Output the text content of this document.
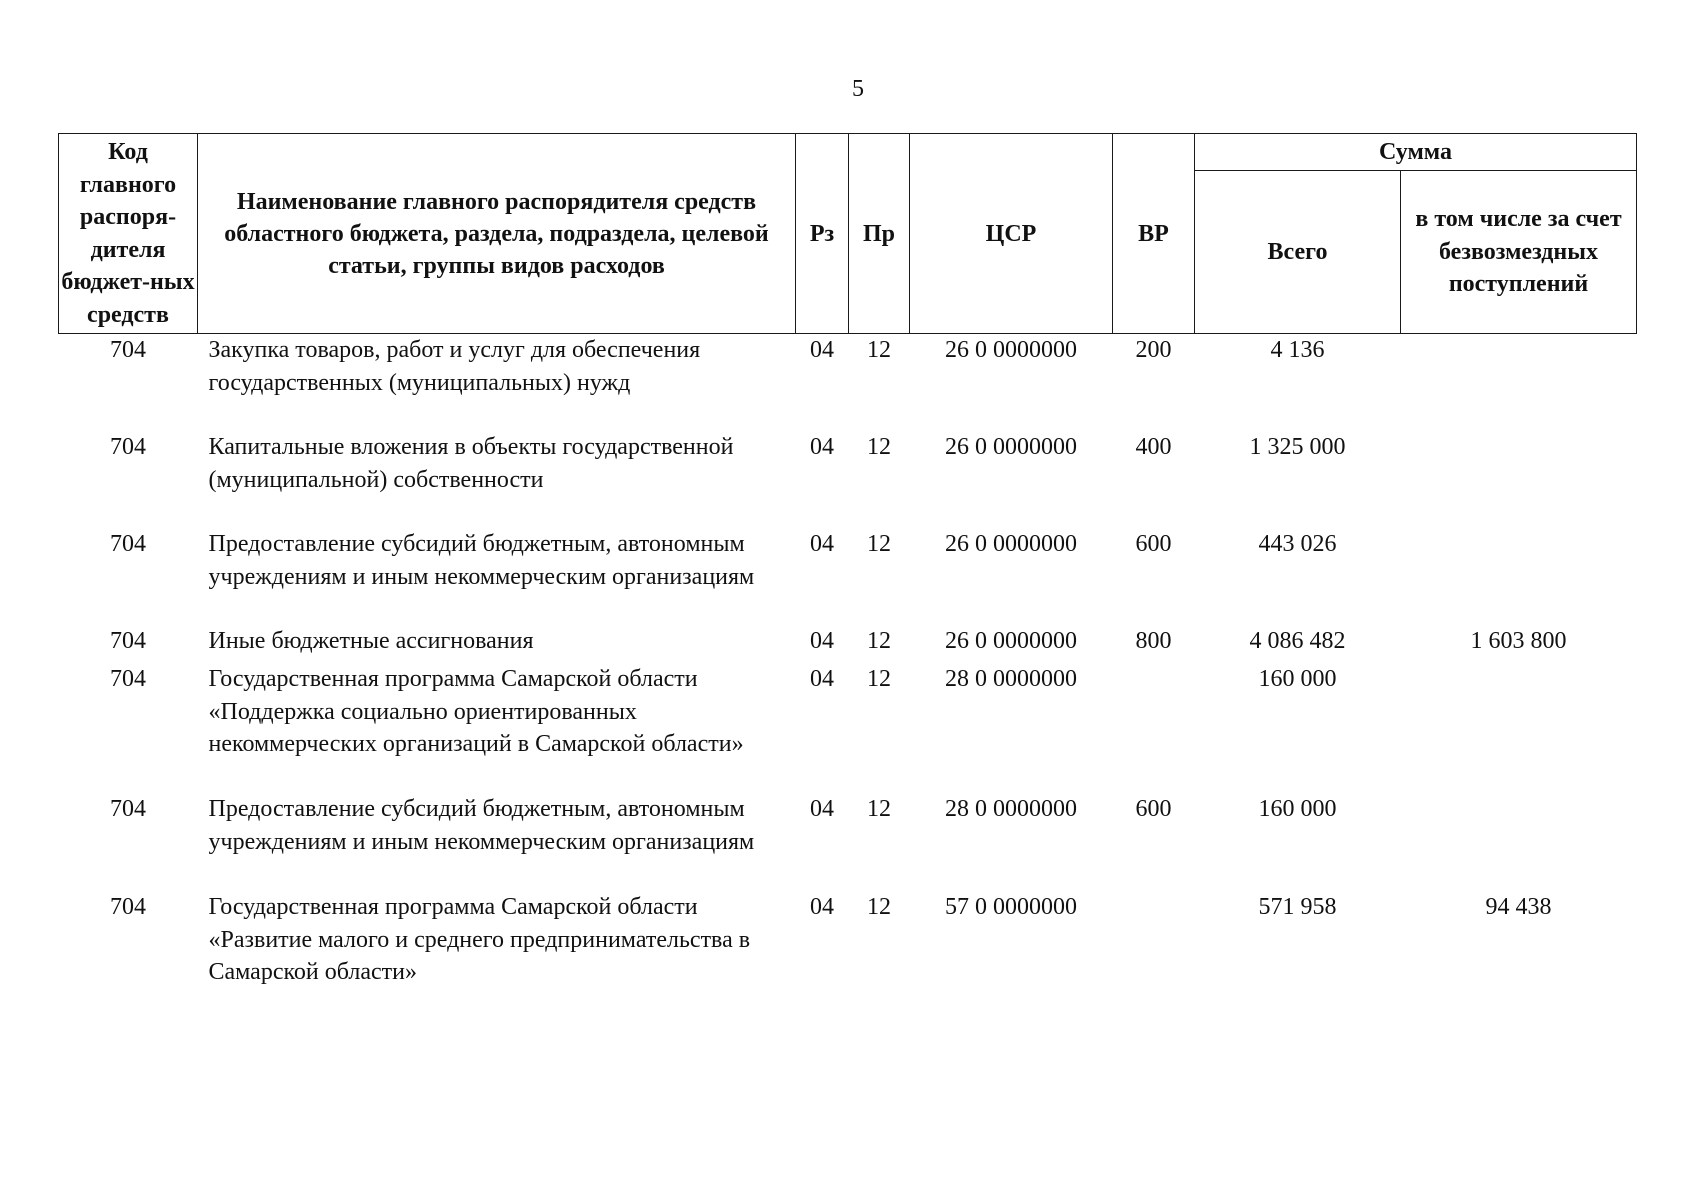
5
Код главного распоря-дителя бюджет-ных средств	Наименование главного распорядителя средств областного бюджета, раздела, подраздела, целевой статьи, группы видов расходов	Рз	Пр	ЦСР	ВР	Сумма	
						Всего	в том числе за счет безвозмездных поступлений
704	Закупка товаров, работ и услуг для обеспечения государственных (муниципальных) нужд	04	12	26 0 0000000	200	4 136	
704	Капитальные вложения в объекты государственной (муниципальной) собственности	04	12	26 0 0000000	400	1 325 000	
704	Предоставление субсидий бюджетным, автономным учреждениям и иным некоммерческим организациям	04	12	26 0 0000000	600	443 026	
704	Иные бюджетные ассигнования	04	12	26 0 0000000	800	4 086 482	1 603 800
704	Государственная программа Самарской области «Поддержка социально ориентированных некоммерческих организаций в Самарской области»	04	12	28 0 0000000		160 000	
704	Предоставление субсидий бюджетным, автономным учреждениям и иным некоммерческим организациям	04	12	28 0 0000000	600	160 000	
704	Государственная программа Самарской области «Развитие малого и среднего предпринимательства в Самарской области»	04	12	57 0 0000000		571 958	94 438
